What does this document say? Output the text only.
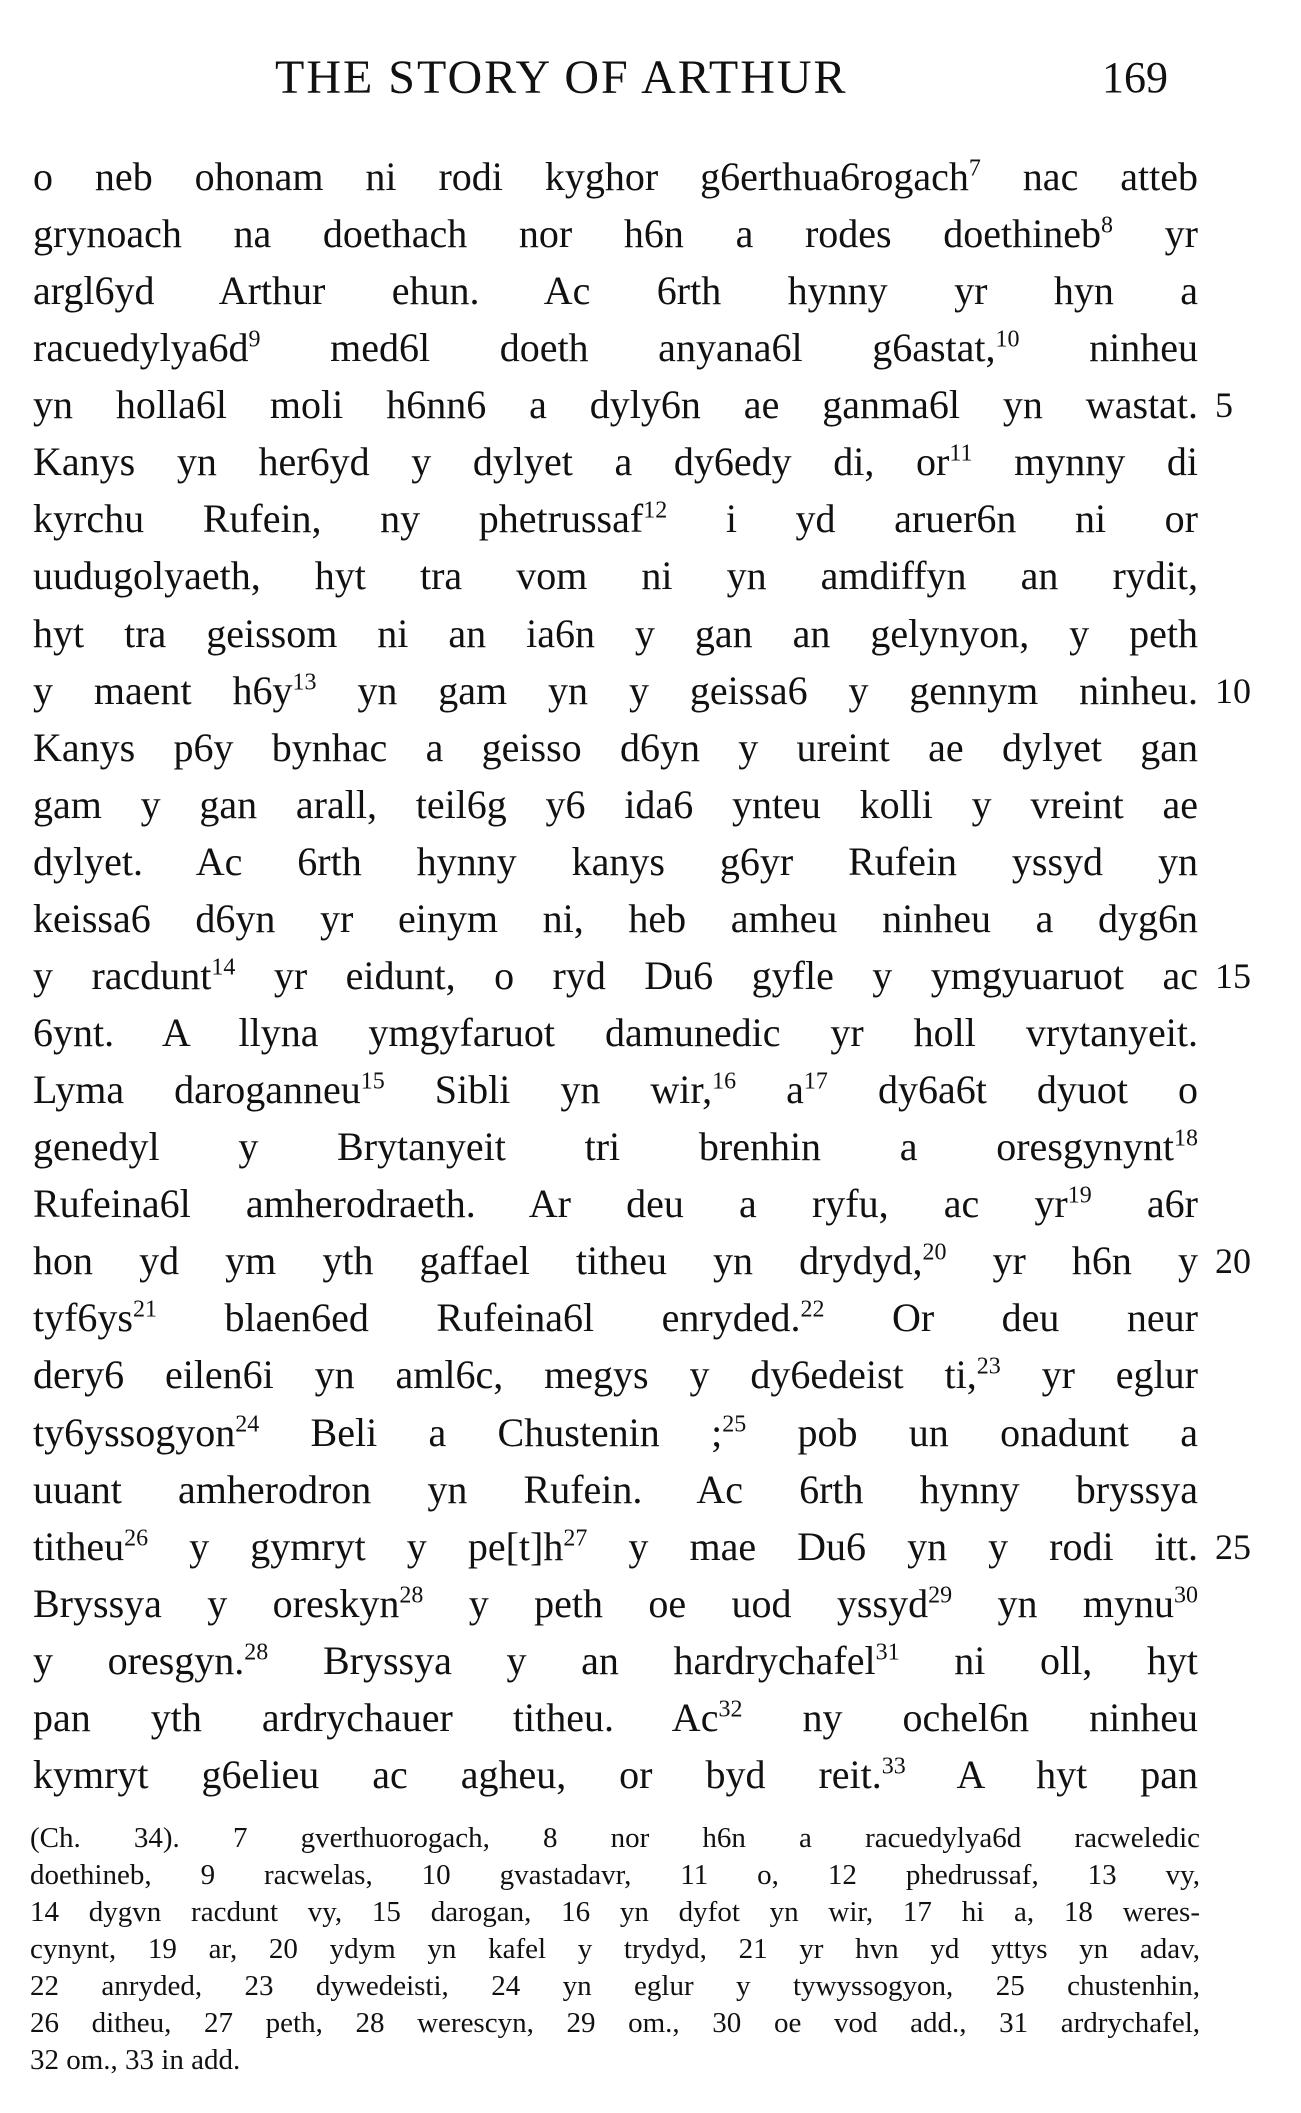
THE STORY OF ARTHUR	169
o neb ohonam ni rodi kyghor g6erthua6rogach$^7$ nac atteb
grynoach na doethach nor h6n a rodes doethineb$^8$ yr
argl6yd Arthur ehun. Ac 6rth hynny yr hyn a
$racuedylya6d^9$ med6l doeth anyana6l g6astat,$^{10}$ ninheu
yn holla6l moli h6nn6 a dyly6n ae ganma6l yn wastat. 5
Kanys yn her6yd y dylyet a dy6edy di, $or^{11}$ mynny di
kyrchu Rufein, ny phetrussaf$^{12}$ i yd aruer6n ni or
uudugolyaeth, hyt tra vom ni yn amdiffyn an rydit,
hyt tra geissom ni an ia6n y gan an gelynyon, y peth
y maent $h6y^{13}$ yn gam yn y geissa6 y gennym ninheu. 10
Kanys p6y bynhac a geisso d6yn y ureint ae dylyet gan
gam y gan arall, teil6g y6 ida6 ynteu kolli y vreint ae
dylyet. Ac 6rth hynny kanys g6yr Rufein yssyd yn
keissa6 d6yn yr einym ni, heb amheu ninheu a dyg6n
y racdunt$^{14}$ yr eidunt, o ryd Du6 gyfle y ymgyuaruot ac 15
6ynt. A llyna ymgyfaruot damunedic yr holl vrytanyeit.
Lyma daroganneu$^{15}$ Sibli yn wir,$^{16}$ $a^{17}$ dy6a6t dyuot o
genedyl y Brytanyeit tri brenhin a oresgynynt$^{18}$
Rufeina6l amherodraeth. Ar deu a ryfu, ac $yr^{19}$ a6r
hon yd ym yth gaffael titheu yn drydyd,$^{20}$ yr h6n y 20
$tyf6ys^{21}$ blaen6ed Rufeina6l enryded.$^{22}$ Or deu neur
dery6 eilen6i yn aml6c, megys y dy6edeist ti,$^{23}$ yr eglur
ty6yssogyon$^{24}$ Beli a Chustenin ;$^{25}$ pob un onadunt a
uuant amherodron yn Rufein. Ac 6rth hynny bryssya
titheu$^{26}$ y gymryt y $pe[t]h^{27}$ y mae Du6 yn y rodi itt. 25
Bryssya y oreskyn$^{28}$ y peth oe uod yssyd$^{29}$ yn mynu$^{30}$
y oresgyn.$^{28}$ Bryssya y an hardrychafel$^{31}$ ni oll, hyt
pan yth ardrychauer titheu. Ac$^{32}$ ny ochel6n ninheu
kymryt g6elieu ac agheu, or byd reit.$^{33}$ A hyt pan
(Ch. 34). 7 gverthuorogach, 8 nor h6n a racuedylya6d racweledic
doethineb, 9 racwelas, 10 gvastadavr, 11 o, 12 phedrussaf, 13 vy,
14 dygvn racdunt vy, 15 darogan, 16 yn dyfot yn wir, 17 hi a, 18 weres-
cynynt, 19 ar, 20 ydym yn kafel y trydyd, 21 yr hvn yd yttys yn adav,
22 anryded, 23 dywedeisti, 24 yn eglur y tywyssogyon, 25 chustenhin,
26 ditheu, 27 peth, 28 werescyn, 29 om., 30 oe vod add., 31 ardrychafel,
32 om., 33 in add.
